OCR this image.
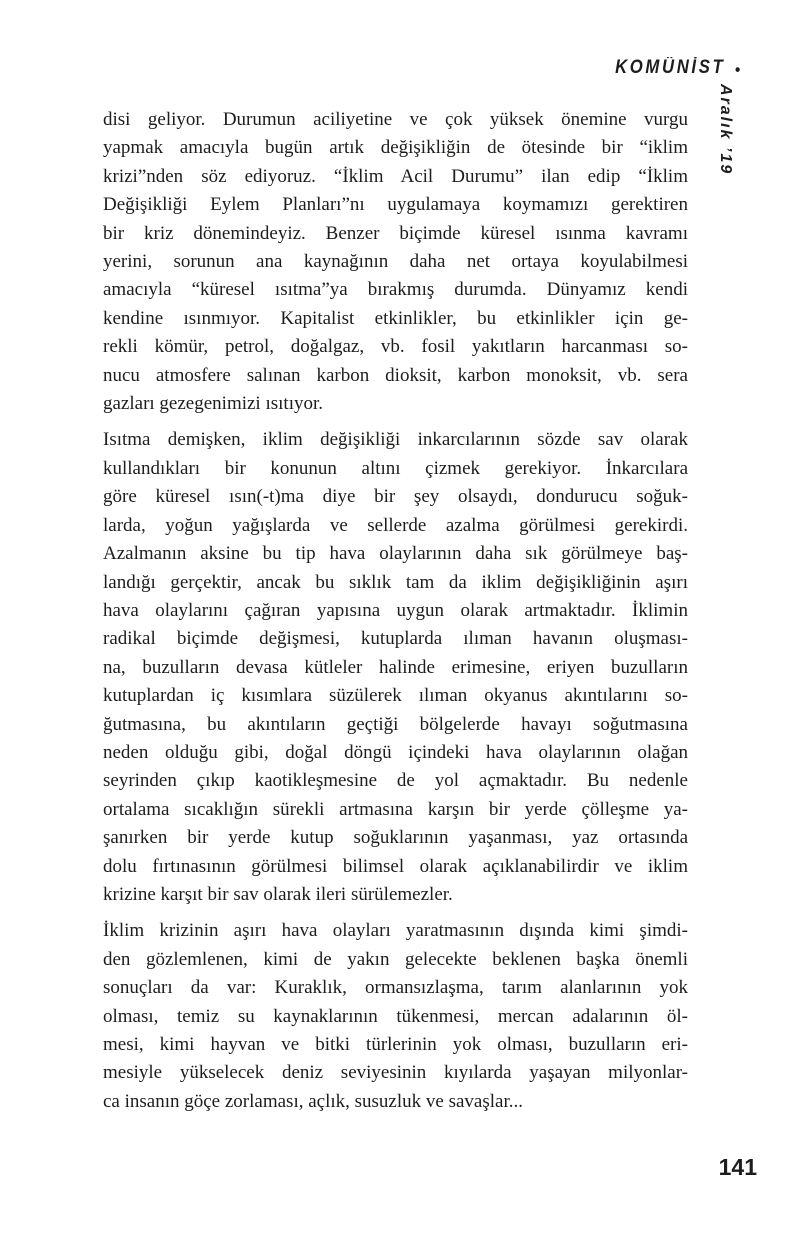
KOMÜNİST •
Aralık ’19
disi geliyor. Durumun aciliyetine ve çok yüksek önemine vurgu
yapmak amacıyla bugün artık değişikliğin de ötesinde bir “iklim
krizi”nden söz ediyoruz. “İklim Acil Durumu” ilan edip “İklim
Değişikliği Eylem Planları”nı uygulamaya koymamızı gerektiren
bir kriz dönemindeyiz. Benzer biçimde küresel ısınma kavramı
yerini, sorunun ana kaynağının daha net ortaya koyulabilmesi
amacıyla “küresel ısıtma”ya bırakmış durumda. Dünyamız kendi
kendine ısınmıyor. Kapitalist etkinlikler, bu etkinlikler için ge-
rekli kömür, petrol, doğalgaz, vb. fosil yakıtların harcanması so-
nucu atmosfere salınan karbon dioksit, karbon monoksit, vb. sera
gazları gezegenimizi ısıtıyor.
Isıtma demişken, iklim değişikliği inkarcılarının sözde sav olarak
kullandıkları bir konunun altını çizmek gerekiyor. İnkarcılara
göre küresel ısın(-t)ma diye bir şey olsaydı, dondurucu soğuk-
larda, yoğun yağışlarda ve sellerde azalma görülmesi gerekirdi.
Azalmanın aksine bu tip hava olaylarının daha sık görülmeye baş-
landığı gerçektir, ancak bu sıklık tam da iklim değişikliğinin aşırı
hava olaylarını çağıran yapısına uygun olarak artmaktadır. İklimin
radikal biçimde değişmesi, kutuplarda ılıman havanın oluşması-
na, buzulların devasa kütleler halinde erimesine, eriyen buzulların
kutuplardan iç kısımlara süzülerek ılıman okyanus akıntılarını so-
ğutmasına, bu akıntıların geçtiği bölgelerde havayı soğutmasına
neden olduğu gibi, doğal döngü içindeki hava olaylarının olağan
seyrinden çıkıp kaotikleşmesine de yol açmaktadır. Bu nedenle
ortalama sıcaklığın sürekli artmasına karşın bir yerde çölleşme ya-
şanırken bir yerde kutup soğuklarının yaşanması, yaz ortasında
dolu fırtınasının görülmesi bilimsel olarak açıklanabilirdir ve iklim
krizine karşıt bir sav olarak ileri sürülemezler.
İklim krizinin aşırı hava olayları yaratmasının dışında kimi şimdi-
den gözlemlenen, kimi de yakın gelecekte beklenen başka önemli
sonuçları da var: Kuraklık, ormansızlaşma, tarım alanlarının yok
olması, temiz su kaynaklarının tükenmesi, mercan adalarının öl-
mesi, kimi hayvan ve bitki türlerinin yok olması, buzulların eri-
mesiyle yükselecek deniz seviyesinin kıyılarda yaşayan milyonlar-
ca insanın göçe zorlaması, açlık, susuzluk ve savaşlar...
141
